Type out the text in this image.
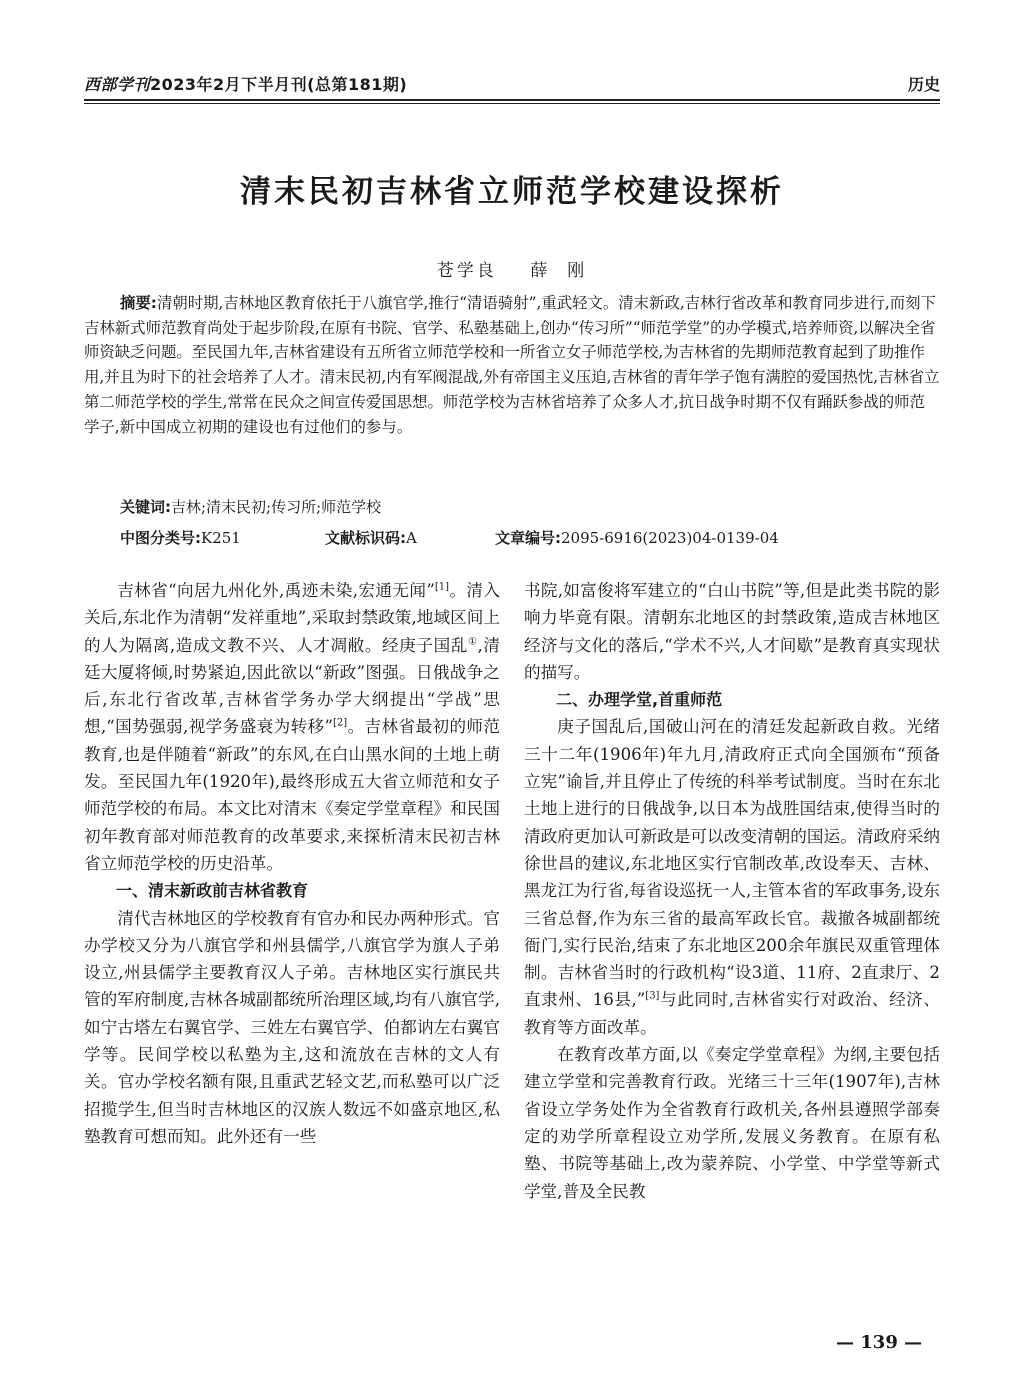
西部学刊2023年2月下半月刊(总第181期)	历史
清末民初吉林省立师范学校建设探析
苍学良    薛  刚
摘要:清朝时期,吉林地区教育依托于八旗官学,推行“清语骑射”,重武轻文。清末新政,吉林行省改革和教育同步进行,而刻下吉林新式师范教育尚处于起步阶段,在原有书院、官学、私塾基础上,创办“传习所”“师范学堂”的办学模式,培养师资,以解决全省师资缺乏问题。至民国九年,吉林省建设有五所省立师范学校和一所省立女子师范学校,为吉林省的先期师范教育起到了助推作用,并且为时下的社会培养了人才。清末民初,内有军阀混战,外有帝国主义压迫,吉林省的青年学子饱有满腔的爱国热忱,吉林省立第二师范学校的学生,常常在民众之间宣传爱国思想。师范学校为吉林省培养了众多人才,抗日战争时期不仅有踊跃参战的师范学子,新中国成立初期的建设也有过他们的参与。
关键词:吉林;清末民初;传习所;师范学校
中图分类号:K251	文献标识码:A	文章编号:2095-6916(2023)04-0139-04

吉林省“向居九州化外,禹迹未染,宏通无闻”[1]。清入关后,东北作为清朝“发祥重地”,采取封禁政策,地域区间上的人为隔离,造成文教不兴、人才凋敝。经庚子国乱①,清廷大厦将倾,时势紧迫,因此欲以“新政”图强。日俄战争之后,东北行省改革,吉林省学务办学大纲提出“学战”思想,“国势强弱,视学务盛衰为转移”[2]。吉林省最初的师范教育,也是伴随着“新政”的东风,在白山黑水间的土地上萌发。至民国九年(1920年),最终形成五大省立师范和女子师范学校的布局。本文比对清末《奏定学堂章程》和民国初年教育部对师范教育的改革要求,来探析清末民初吉林省立师范学校的历史沿革。

一、清末新政前吉林省教育

清代吉林地区的学校教育有官办和民办两种形式。官办学校又分为八旗官学和州县儒学,八旗官学为旗人子弟设立,州县儒学主要教育汉人子弟。吉林地区实行旗民共管的军府制度,吉林各城副都统所治理区域,均有八旗官学,如宁古塔左右翼官学、三姓左右翼官学、伯都讷左右翼官学等。民间学校以私塾为主,这和流放在吉林的文人有关。官办学校名额有限,且重武艺轻文艺,而私塾可以广泛招揽学生,但当时吉林地区的汉族人数远不如盛京地区,私塾教育可想而知。此外还有一些

书院,如富俊将军建立的“白山书院”等,但是此类书院的影响力毕竟有限。清朝东北地区的封禁政策,造成吉林地区经济与文化的落后,“学术不兴,人才间歇”是教育真实现状的描写。

二、办理学堂,首重师范

庚子国乱后,国破山河在的清廷发起新政自救。光绪三十二年(1906年)年九月,清政府正式向全国颁布“预备立宪”谕旨,并且停止了传统的科举考试制度。当时在东北土地上进行的日俄战争,以日本为战胜国结束,使得当时的清政府更加认可新政是可以改变清朝的国运。清政府采纳徐世昌的建议,东北地区实行官制改革,改设奉天、吉林、黑龙江为行省,每省设巡抚一人,主管本省的军政事务,设东三省总督,作为东三省的最高军政长官。裁撤各城副都统衙门,实行民治,结束了东北地区200余年旗民双重管理体制。吉林省当时的行政机构“设3道、11府、2直隶厅、2直隶州、16县,”[3]与此同时,吉林省实行对政治、经济、教育等方面改革。

在教育改革方面,以《奏定学堂章程》为纲,主要包括建立学堂和完善教育行政。光绪三十三年(1907年),吉林省设立学务处作为全省教育行政机关,各州县遵照学部奏定的劝学所章程设立劝学所,发展义务教育。在原有私塾、书院等基础上,改为蒙养院、小学堂、中学堂等新式学堂,普及全民教

— 139 —
